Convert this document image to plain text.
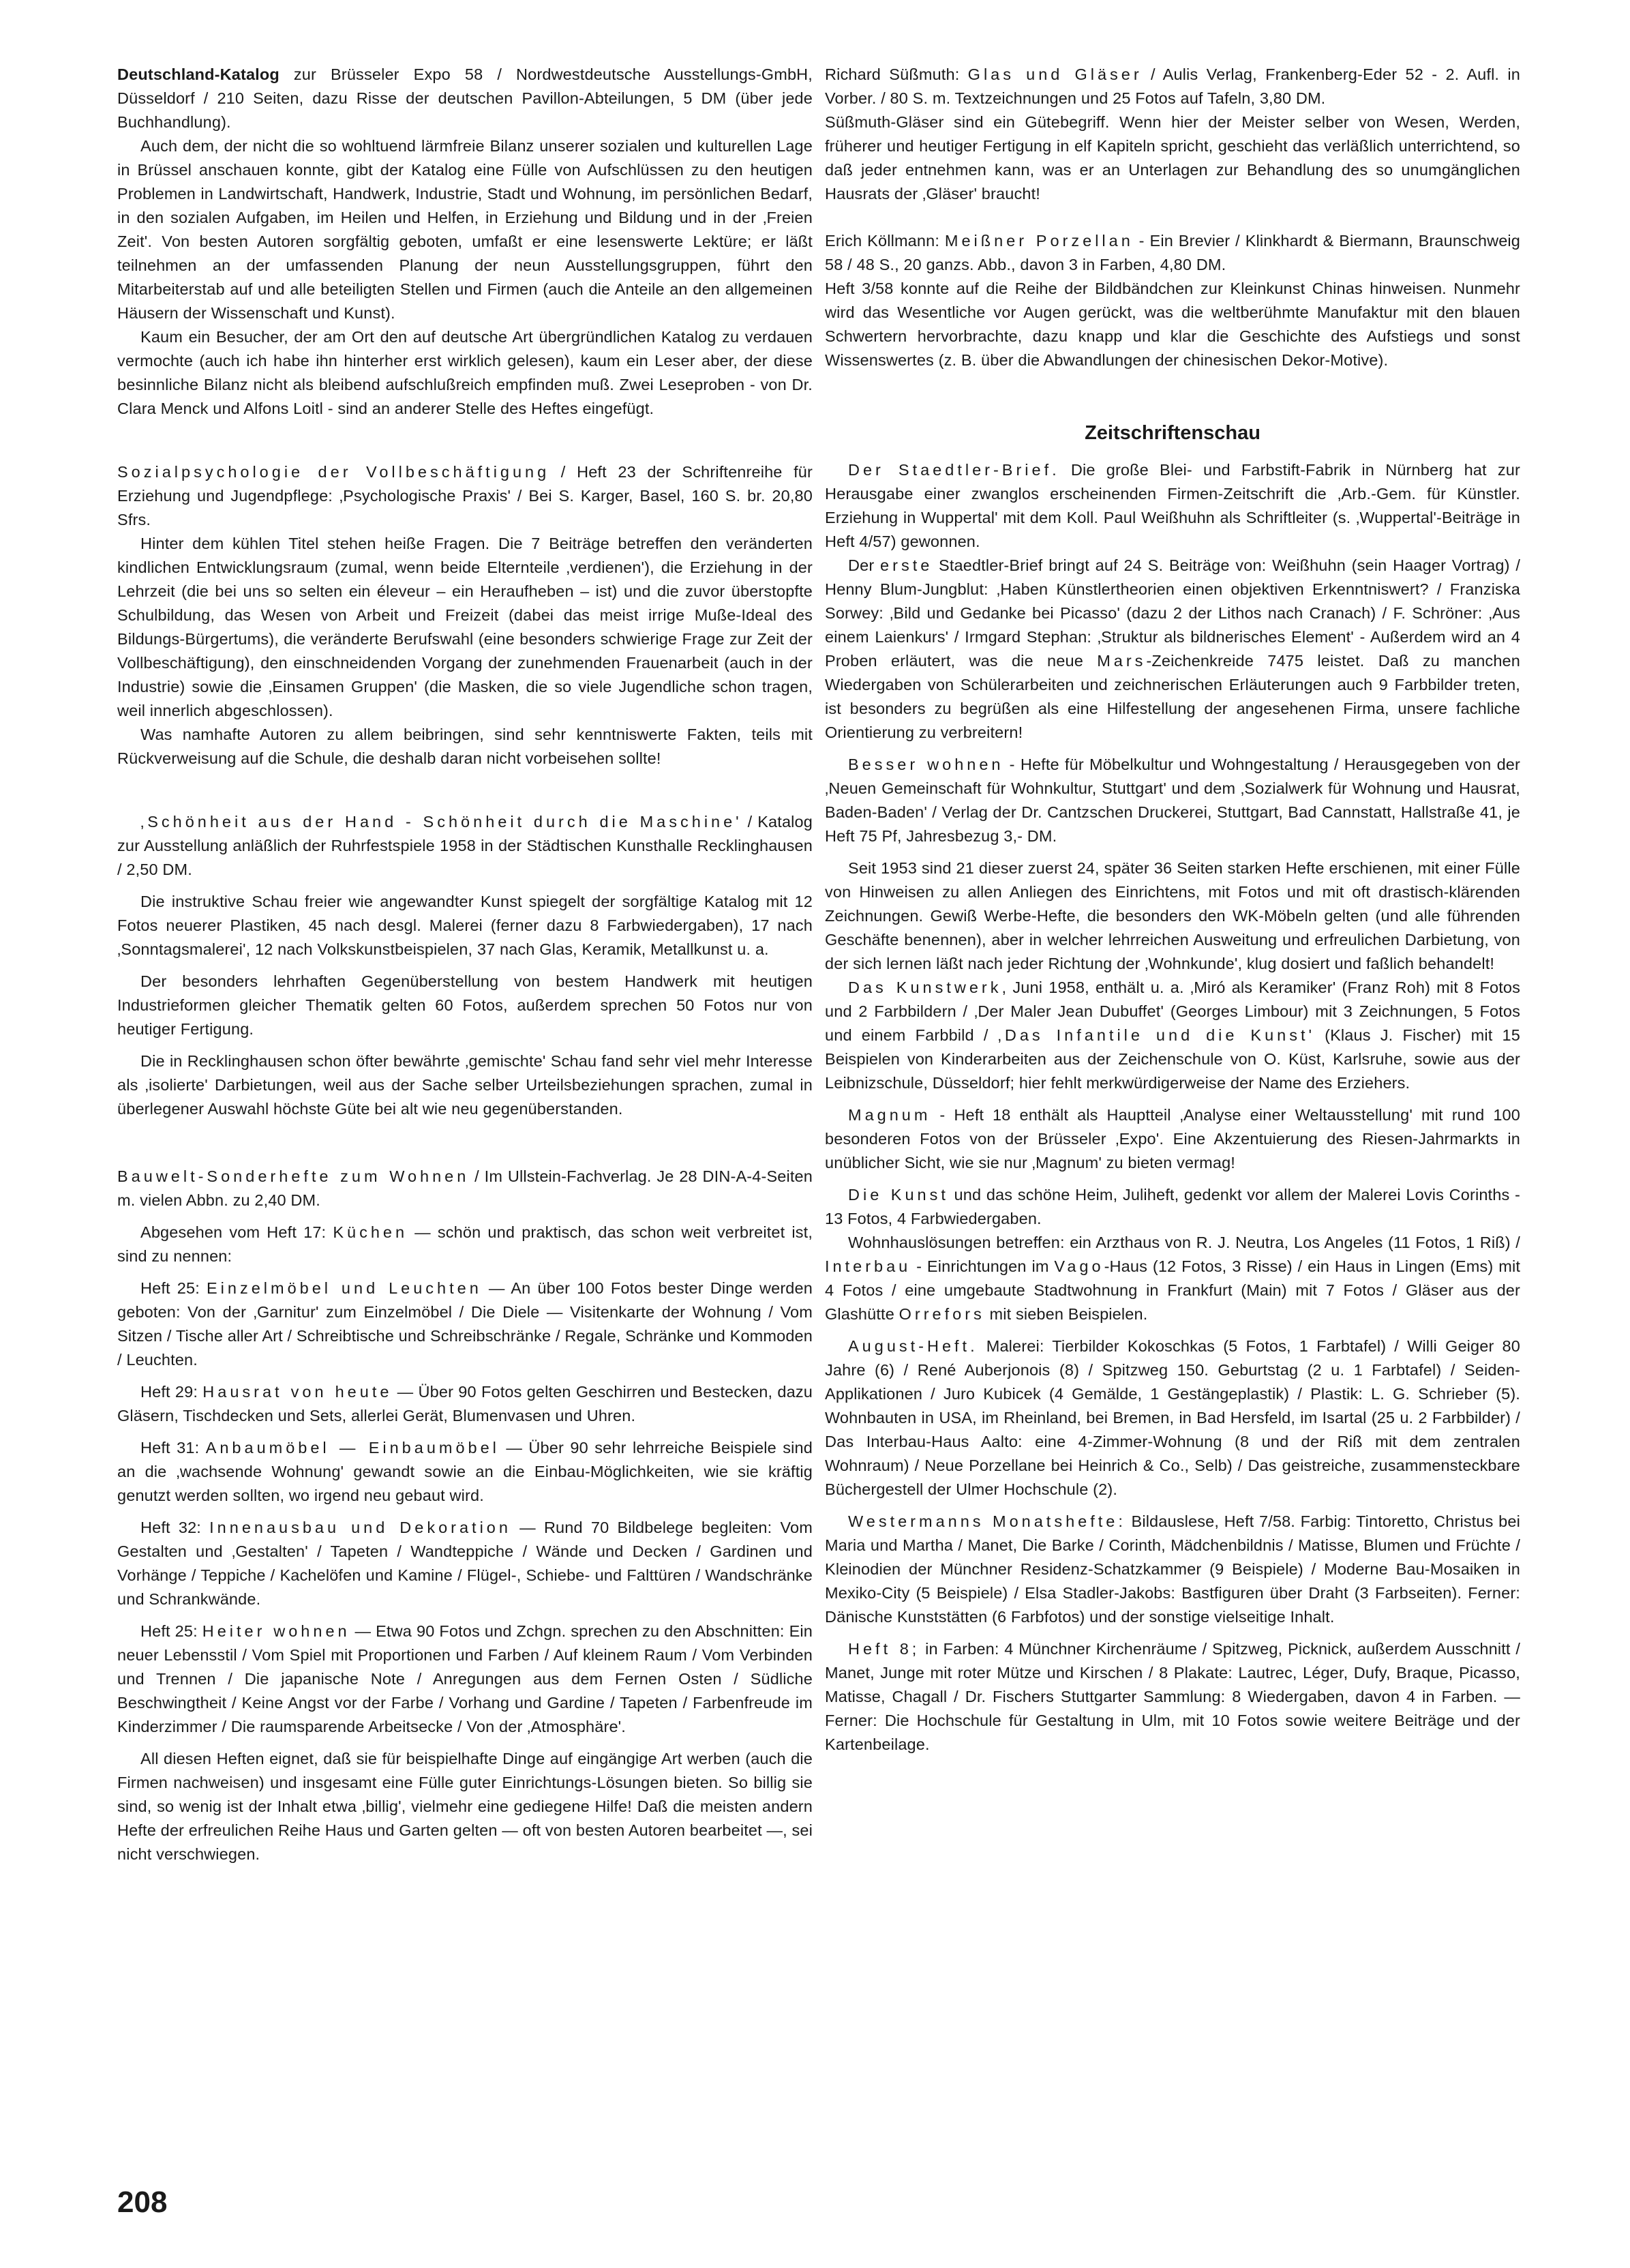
Deutschland-Katalog zur Brüsseler Expo 58 / Nordwestdeutsche Ausstellungs-GmbH, Düsseldorf / 210 Seiten, dazu Risse der deutschen Pavillon-Abteilungen, 5 DM (über jede Buchhandlung).

Auch dem, der nicht die so wohltuend lärmfreie Bilanz unserer sozialen und kulturellen Lage in Brüssel anschauen konnte, gibt der Katalog eine Fülle von Aufschlüssen zu den heutigen Problemen in Landwirtschaft, Handwerk, Industrie, Stadt und Wohnung, im persönlichen Bedarf, in den sozialen Aufgaben, im Heilen und Helfen, in Erziehung und Bildung und in der ‚Freien Zeit'. Von besten Autoren sorgfältig geboten, umfaßt er eine lesenswerte Lektüre; er läßt teilnehmen an der umfassenden Planung der neun Ausstellungsgruppen, führt den Mitarbeiterstab auf und alle beteiligten Stellen und Firmen (auch die Anteile an den allgemeinen Häusern der Wissenschaft und Kunst).

Kaum ein Besucher, der am Ort den auf deutsche Art übergründlichen Katalog zu verdauen vermochte (auch ich habe ihn hinterher erst wirklich gelesen), kaum ein Leser aber, der diese besinnliche Bilanz nicht als bleibend aufschlußreich empfinden muß. Zwei Leseproben - von Dr. Clara Menck und Alfons Loitl - sind an anderer Stelle des Heftes eingefügt.

Sozialpsychologie der Vollbeschäftigung / Heft 23 der Schriftenreihe für Erziehung und Jugendpflege: ‚Psychologische Praxis' / Bei S. Karger, Basel, 160 S. br. 20,80 Sfrs.

Hinter dem kühlen Titel stehen heiße Fragen. Die 7 Beiträge betreffen den veränderten kindlichen Entwicklungsraum (zumal, wenn beide Elternteile ‚verdienen'), die Erziehung in der Lehrzeit (die bei uns so selten ein éleveur – ein Heraufheben – ist) und die zuvor überstopfte Schulbildung, das Wesen von Arbeit und Freizeit (dabei das meist irrige Muße-Ideal des Bildungs-Bürgertums), die veränderte Berufswahl (eine besonders schwierige Frage zur Zeit der Vollbeschäftigung), den einschneidenden Vorgang der zunehmenden Frauenarbeit (auch in der Industrie) sowie die ‚Einsamen Gruppen' (die Masken, die so viele Jugendliche schon tragen, weil innerlich abgeschlossen).

Was namhafte Autoren zu allem beibringen, sind sehr kenntniswerte Fakten, teils mit Rückverweisung auf die Schule, die deshalb daran nicht vorbeisehen sollte!

‚Schönheit aus der Hand - Schönheit durch die Maschine' / Katalog zur Ausstellung anläßlich der Ruhrfestspiele 1958 in der Städtischen Kunsthalle Recklinghausen / 2,50 DM.

Die instruktive Schau freier wie angewandter Kunst spiegelt der sorgfältige Katalog mit 12 Fotos neuerer Plastiken, 45 nach desgl. Malerei (ferner dazu 8 Farbwiedergaben), 17 nach ‚Sonntagsmalerei', 12 nach Volkskunstbeispielen, 37 nach Glas, Keramik, Metallkunst u. a.

Der besonders lehrhaften Gegenüberstellung von bestem Handwerk mit heutigen Industrieformen gleicher Thematik gelten 60 Fotos, außerdem sprechen 50 Fotos nur von heutiger Fertigung.

Die in Recklinghausen schon öfter bewährte ‚gemischte' Schau fand sehr viel mehr Interesse als ‚isolierte' Darbietungen, weil aus der Sache selber Urteilsbeziehungen sprachen, zumal in überlegener Auswahl höchste Güte bei alt wie neu gegenüberstanden.

Bauwelt-Sonderhefte zum Wohnen / Im Ullstein-Fachverlag. Je 28 DIN-A-4-Seiten m. vielen Abbn. zu 2,40 DM.

Abgesehen vom Heft 17: Küchen — schön und praktisch, das schon weit verbreitet ist, sind zu nennen:

Heft 25: Einzelmöbel und Leuchten — An über 100 Fotos bester Dinge werden geboten: Von der ‚Garnitur' zum Einzelmöbel / Die Diele — Visitenkarte der Wohnung / Vom Sitzen / Tische aller Art / Schreibtische und Schreibschränke / Regale, Schränke und Kommoden / Leuchten.

Heft 29: Hausrat von heute — Über 90 Fotos gelten Geschirren und Bestecken, dazu Gläsern, Tischdecken und Sets, allerlei Gerät, Blumenvasen und Uhren.

Heft 31: Anbaumöbel — Einbaumöbel — Über 90 sehr lehrreiche Beispiele sind an die ‚wachsende Wohnung' gewandt sowie an die Einbau-Möglichkeiten, wie sie kräftig genutzt werden sollten, wo irgend neu gebaut wird.

Heft 32: Innenausbau und Dekoration — Rund 70 Bildbelege begleiten: Vom Gestalten und ‚Gestalten' / Tapeten / Wandteppiche / Wände und Decken / Gardinen und Vorhänge / Teppiche / Kachelöfen und Kamine / Flügel-, Schiebe- und Falttüren / Wandschränke und Schrankwände.

Heft 25: Heiter wohnen — Etwa 90 Fotos und Zchgn. sprechen zu den Abschnitten: Ein neuer Lebensstil / Vom Spiel mit Proportionen und Farben / Auf kleinem Raum / Vom Verbinden und Trennen / Die japanische Note / Anregungen aus dem Fernen Osten / Südliche Beschwingtheit / Keine Angst vor der Farbe / Vorhang und Gardine / Tapeten / Farbenfreude im Kinderzimmer / Die raumsparende Arbeitsecke / Von der ‚Atmosphäre'.

All diesen Heften eignet, daß sie für beispielhafte Dinge auf eingängige Art werben (auch die Firmen nachweisen) und insgesamt eine Fülle guter Einrichtungs-Lösungen bieten. So billig sie sind, so wenig ist der Inhalt etwa ‚billig', vielmehr eine gediegene Hilfe! Daß die meisten andern Hefte der erfreulichen Reihe Haus und Garten gelten — oft von besten Autoren bearbeitet —, sei nicht verschwiegen.

Richard Süßmuth: Glas und Gläser / Aulis Verlag, Frankenberg-Eder 52 - 2. Aufl. in Vorber. / 80 S. m. Textzeichnungen und 25 Fotos auf Tafeln, 3,80 DM.

Süßmuth-Gläser sind ein Gütebegriff. Wenn hier der Meister selber von Wesen, Werden, früherer und heutiger Fertigung in elf Kapiteln spricht, geschieht das verläßlich unterrichtend, so daß jeder entnehmen kann, was er an Unterlagen zur Behandlung des so unumgänglichen Hausrats der ‚Gläser' braucht!

Erich Köllmann: Meißner Porzellan - Ein Brevier / Klinkhardt & Biermann, Braunschweig 58 / 48 S., 20 ganzs. Abb., davon 3 in Farben, 4,80 DM.

Heft 3/58 konnte auf die Reihe der Bildbändchen zur Kleinkunst Chinas hinweisen. Nunmehr wird das Wesentliche vor Augen gerückt, was die weltberühmte Manufaktur mit den blauen Schwertern hervorbrachte, dazu knapp und klar die Geschichte des Aufstiegs und sonst Wissenswertes (z. B. über die Abwandlungen der chinesischen Dekor-Motive).

Zeitschriftenschau

Der Staedtler-Brief. Die große Blei- und Farbstift-Fabrik in Nürnberg hat zur Herausgabe einer zwanglos erscheinenden Firmen-Zeitschrift die ‚Arb.-Gem. für Künstler. Erziehung in Wuppertal' mit dem Koll. Paul Weißhuhn als Schriftleiter (s. ‚Wuppertal'-Beiträge in Heft 4/57) gewonnen.

Der erste Staedtler-Brief bringt auf 24 S. Beiträge von: Weißhuhn (sein Haager Vortrag) / Henny Blum-Jungblut: ‚Haben Künstlertheorien einen objektiven Erkenntniswert? / Franziska Sorwey: ‚Bild und Gedanke bei Picasso' (dazu 2 der Lithos nach Cranach) / F. Schröner: ‚Aus einem Laienkurs' / Irmgard Stephan: ‚Struktur als bildnerisches Element' - Außerdem wird an 4 Proben erläutert, was die neue Mars-Zeichenkreide 7475 leistet. Daß zu manchen Wiedergaben von Schülerarbeiten und zeichnerischen Erläuterungen auch 9 Farbbilder treten, ist besonders zu begrüßen als eine Hilfestellung der angesehenen Firma, unsere fachliche Orientierung zu verbreitern!

Besser wohnen - Hefte für Möbelkultur und Wohngestaltung / Herausgegeben von der ‚Neuen Gemeinschaft für Wohnkultur, Stuttgart' und dem ‚Sozialwerk für Wohnung und Hausrat, Baden-Baden' / Verlag der Dr. Cantzschen Druckerei, Stuttgart, Bad Cannstatt, Hallstraße 41, je Heft 75 Pf, Jahresbezug 3,- DM.

Seit 1953 sind 21 dieser zuerst 24, später 36 Seiten starken Hefte erschienen, mit einer Fülle von Hinweisen zu allen Anliegen des Einrichtens, mit Fotos und mit oft drastisch-klärenden Zeichnungen. Gewiß Werbe-Hefte, die besonders den WK-Möbeln gelten (und alle führenden Geschäfte benennen), aber in welcher lehrreichen Ausweitung und erfreulichen Darbietung, von der sich lernen läßt nach jeder Richtung der ‚Wohnkunde', klug dosiert und faßlich behandelt!

Das Kunstwerk, Juni 1958, enthält u. a. ‚Miró als Keramiker' (Franz Roh) mit 8 Fotos und 2 Farbbildern / ‚Der Maler Jean Dubuffet' (Georges Limbour) mit 3 Zeichnungen, 5 Fotos und einem Farbbild / ‚Das Infantile und die Kunst' (Klaus J. Fischer) mit 15 Beispielen von Kinderarbeiten aus der Zeichenschule von O. Küst, Karlsruhe, sowie aus der Leibnizschule, Düsseldorf; hier fehlt merkwürdigerweise der Name des Erziehers.

Magnum - Heft 18 enthält als Hauptteil ‚Analyse einer Weltausstellung' mit rund 100 besonderen Fotos von der Brüsseler ‚Expo'. Eine Akzentuierung des Riesen-Jahrmarkts in unüblicher Sicht, wie sie nur ‚Magnum' zu bieten vermag!

Die Kunst und das schöne Heim, Juliheft, gedenkt vor allem der Malerei Lovis Corinths - 13 Fotos, 4 Farbwiedergaben.

Wohnhauslösungen betreffen: ein Arzthaus von R. J. Neutra, Los Angeles (11 Fotos, 1 Riß) / Interbau - Einrichtungen im Vago-Haus (12 Fotos, 3 Risse) / ein Haus in Lingen (Ems) mit 4 Fotos / eine umgebaute Stadtwohnung in Frankfurt (Main) mit 7 Fotos / Gläser aus der Glashütte Orrefors mit sieben Beispielen.

August-Heft. Malerei: Tierbilder Kokoschkas (5 Fotos, 1 Farbtafel) / Willi Geiger 80 Jahre (6) / René Auberjonois (8) / Spitzweg 150. Geburtstag (2 u. 1 Farbtafel) / Seiden-Applikationen / Juro Kubicek (4 Gemälde, 1 Gestängeplastik) / Plastik: L. G. Schrieber (5). Wohnbauten in USA, im Rheinland, bei Bremen, in Bad Hersfeld, im Isartal (25 u. 2 Farbbilder) / Das Interbau-Haus Aalto: eine 4-Zimmer-Wohnung (8 und der Riß mit dem zentralen Wohnraum) / Neue Porzellane bei Heinrich & Co., Selb) / Das geistreiche, zusammensteckbare Büchergestell der Ulmer Hochschule (2).

Westermanns Monatshefte: Bildauslese, Heft 7/58. Farbig: Tintoretto, Christus bei Maria und Martha / Manet, Die Barke / Corinth, Mädchenbildnis / Matisse, Blumen und Früchte / Kleinodien der Münchner Residenz-Schatzkammer (9 Beispiele) / Moderne Bau-Mosaiken in Mexiko-City (5 Beispiele) / Elsa Stadler-Jakobs: Bastfiguren über Draht (3 Farbseiten). Ferner: Dänische Kunststätten (6 Farbfotos) und der sonstige vielseitige Inhalt.

Heft 8; in Farben: 4 Münchner Kirchenräume / Spitzweg, Picknick, außerdem Ausschnitt / Manet, Junge mit roter Mütze und Kirschen / 8 Plakate: Lautrec, Léger, Dufy, Braque, Picasso, Matisse, Chagall / Dr. Fischers Stuttgarter Sammlung: 8 Wiedergaben, davon 4 in Farben. — Ferner: Die Hochschule für Gestaltung in Ulm, mit 10 Fotos sowie weitere Beiträge und der Kartenbeilage.

208
